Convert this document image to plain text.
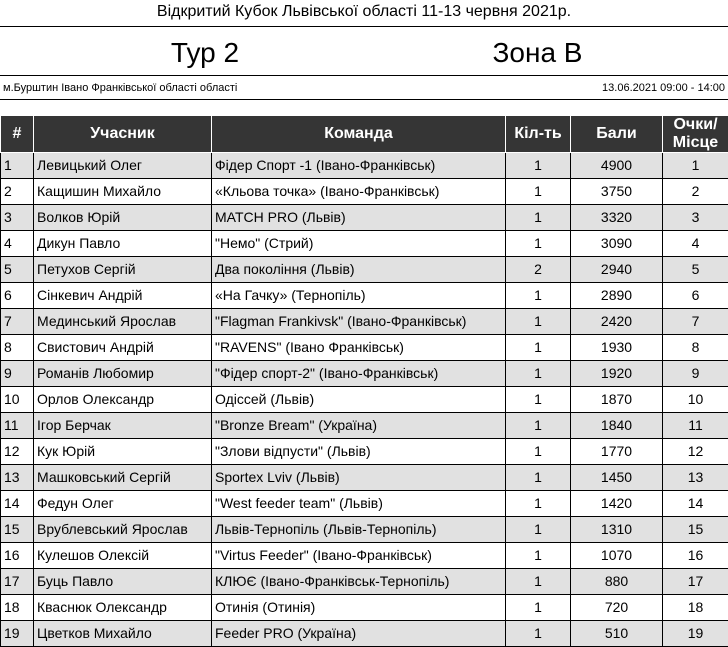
Відкритий Кубок Львівської області 11-13 червня 2021р.
Тур 2	Зона В
м.Бурштин Івано Франківської області області	13.06.2021 09:00 - 14:00
#	Учасник	Команда	Кіл-ть	Бали	Очки/ Місце
1	Левицький Олег	Фідер Спорт -1 (Івано-Франківськ)	1	4900	1
2	Кащишин Михайло	«Кльова точка» (Івано-Франківськ)	1	3750	2
3	Волков Юрій	MATCH PRO (Львів)	1	3320	3
4	Дикун Павло	"Немо" (Стрий)	1	3090	4
5	Петухов Сергій	Два покоління (Львів)	2	2940	5
6	Сінкевич Андрій	«На Гачку» (Тернопіль)	1	2890	6
7	Мединський Ярослав	"Flagman Frankivsk" (Івано-Франківськ)	1	2420	7
8	Свистович Андрій	"RAVENS" (Івано Франківськ)	1	1930	8
9	Романів Любомир	"Фідер спорт-2" (Івано-Франківськ)	1	1920	9
10	Орлов Олександр	Одіссей (Львів)	1	1870	10
11	Ігор Берчак	"Bronze Bream" (Україна)	1	1840	11
12	Кук Юрій	"Злови відпусти" (Львів)	1	1770	12
13	Машковський Сергій	Sportex Lviv (Львів)	1	1450	13
14	Федун Олег	"West feeder team" (Львів)	1	1420	14
15	Врублевський Ярослав	Львів-Тернопіль (Львів-Тернопіль)	1	1310	15
16	Кулешов Олексій	"Virtus Feeder" (Івано-Франківськ)	1	1070	16
17	Буць Павло	КЛЮЄ (Івано-Франківськ-Тернопіль)	1	880	17
18	Кваснюк Олександр	Отинія (Отинія)	1	720	18
19	Цветков Михайло	Feeder PRO (Україна)	1	510	19
